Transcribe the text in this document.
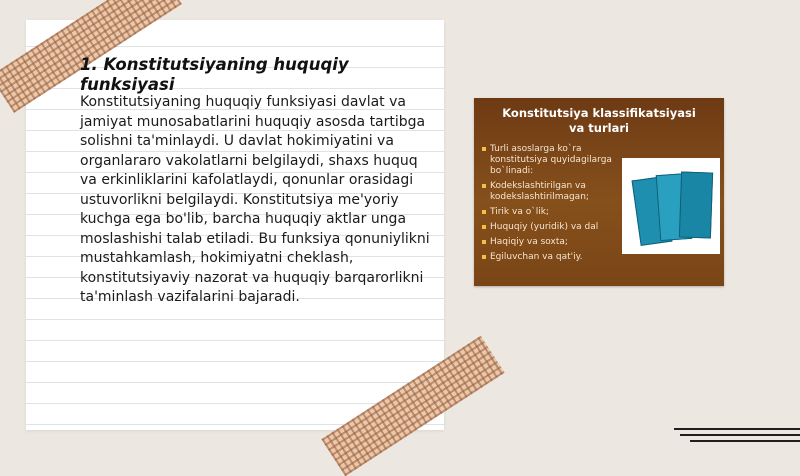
1. Konstitutsiyaning huquqiy funksiyasi
Konstitutsiyaning huquqiy funksiyasi davlat va jamiyat munosabatlarini huquqiy asosda tartibga solishni ta'minlaydi. U davlat hokimiyatini va organlararo vakolatlarni belgilaydi, shaxs huquq va erkinliklarini kafolatlaydi, qonunlar orasidagi ustuvorlikni belgilaydi. Konstitutsiya me'yoriy kuchga ega bo'lib, barcha huquqiy aktlar unga moslashishi talab etiladi. Bu funksiya qonuniylikni mustahkamlash, hokimiyatni cheklash, konstitutsiyaviy nazorat va huquqiy barqarorlikni ta'minlash vazifalarini bajaradi.
Konstitutsiya klassifikatsiyasi
va turlari
Turli asoslarga ko`ra konstitutsiya quyidagilarga bo`linadi:
Kodekslashtirilgan va kodekslashtirilmagan;
Tirik va o`lik;
Huquqiy (yuridik) va dal
Haqiqiy va soxta;
Egiluvchan va qat'iy.
